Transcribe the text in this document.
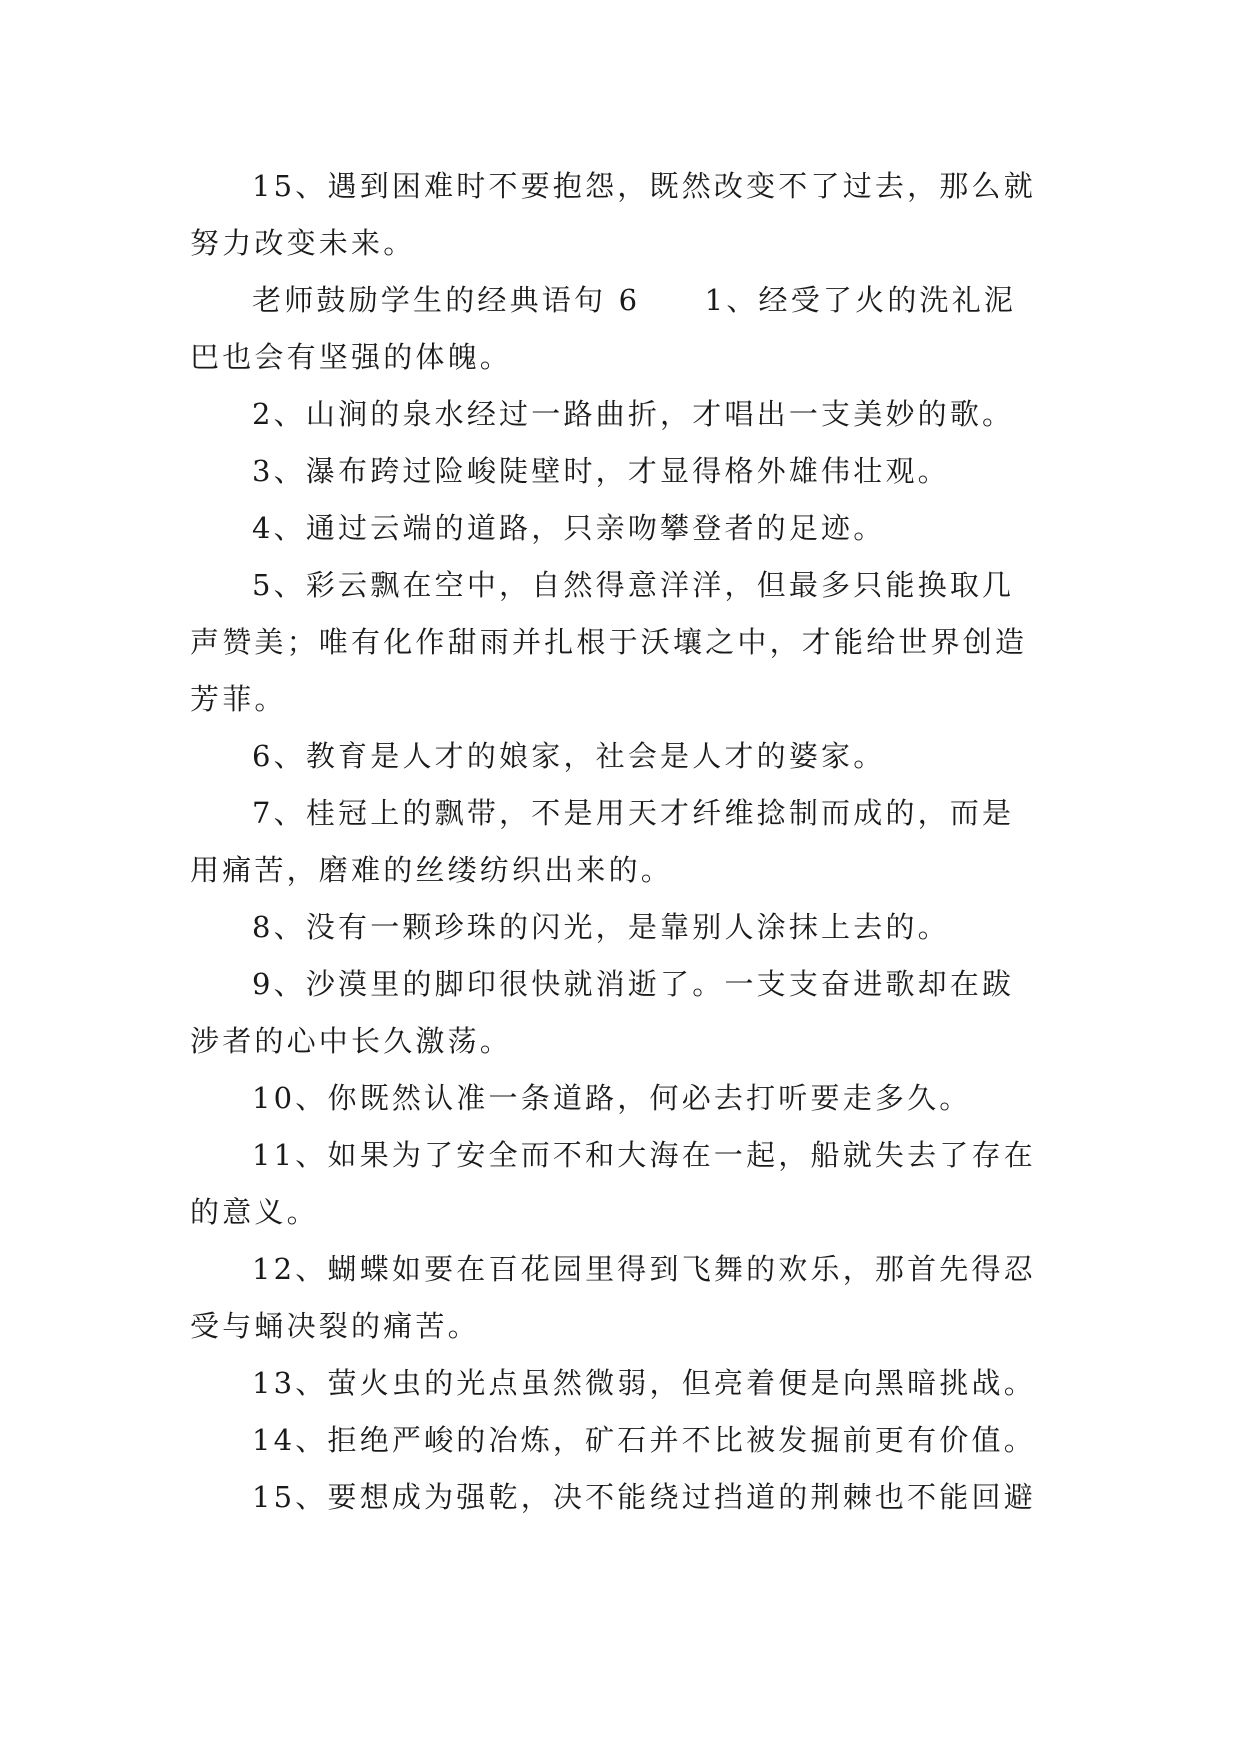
15、遇到困难时不要抱怨，既然改变不了过去，那么就
努力改变未来。
老师鼓励学生的经典语句 6　　1、经受了火的洗礼泥
巴也会有坚强的体魄。
2、山涧的泉水经过一路曲折，才唱出一支美妙的歌。
3、瀑布跨过险峻陡壁时，才显得格外雄伟壮观。
4、通过云端的道路，只亲吻攀登者的足迹。
5、彩云飘在空中，自然得意洋洋，但最多只能换取几
声赞美；唯有化作甜雨并扎根于沃壤之中，才能给世界创造
芳菲。
6、教育是人才的娘家，社会是人才的婆家。
7、桂冠上的飘带，不是用天才纤维捻制而成的，而是
用痛苦，磨难的丝缕纺织出来的。
8、没有一颗珍珠的闪光，是靠别人涂抹上去的。
9、沙漠里的脚印很快就消逝了。一支支奋进歌却在跋
涉者的心中长久激荡。
10、你既然认准一条道路，何必去打听要走多久。
11、如果为了安全而不和大海在一起，船就失去了存在
的意义。
12、蝴蝶如要在百花园里得到飞舞的欢乐，那首先得忍
受与蛹决裂的痛苦。
13、萤火虫的光点虽然微弱，但亮着便是向黑暗挑战。
14、拒绝严峻的冶炼，矿石并不比被发掘前更有价值。
15、要想成为强乾，决不能绕过挡道的荆棘也不能回避
